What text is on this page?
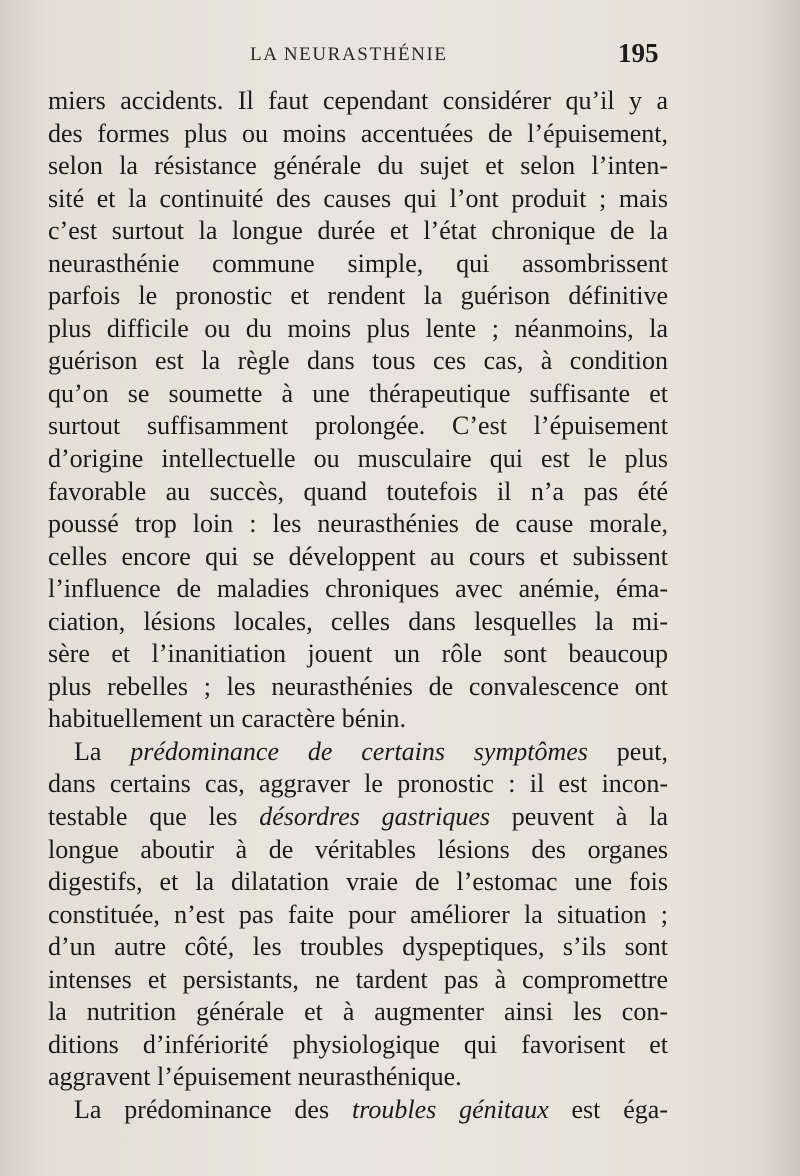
LA NEURASTHÉNIE	195
miers accidents. Il faut cependant considérer qu’il y a
des formes plus ou moins accentuées de l’épuisement,
selon la résistance générale du sujet et selon l’inten-
sité et la continuité des causes qui l’ont produit ; mais
c’est surtout la longue durée et l’état chronique de la
neurasthénie commune simple, qui assombrissent
parfois le pronostic et rendent la guérison définitive
plus difficile ou du moins plus lente ; néanmoins, la
guérison est la règle dans tous ces cas, à condition
qu’on se soumette à une thérapeutique suffisante et
surtout suffisamment prolongée. C’est l’épuisement
d’origine intellectuelle ou musculaire qui est le plus
favorable au succès, quand toutefois il n’a pas été
poussé trop loin : les neurasthénies de cause morale,
celles encore qui se développent au cours et subissent
l’influence de maladies chroniques avec anémie, éma-
ciation, lésions locales, celles dans lesquelles la mi-
sère et l’inanitiation jouent un rôle sont beaucoup
plus rebelles ; les neurasthénies de convalescence ont
habituellement un caractère bénin.
La prédominance de certains symptômes peut,
dans certains cas, aggraver le pronostic : il est incon-
testable que les désordres gastriques peuvent à la
longue aboutir à de véritables lésions des organes
digestifs, et la dilatation vraie de l’estomac une fois
constituée, n’est pas faite pour améliorer la situation ;
d’un autre côté, les troubles dyspeptiques, s’ils sont
intenses et persistants, ne tardent pas à compromettre
la nutrition générale et à augmenter ainsi les con-
ditions d’infériorité physiologique qui favorisent et
aggravent l’épuisement neurasthénique.
La prédominance des troubles génitaux est éga-
